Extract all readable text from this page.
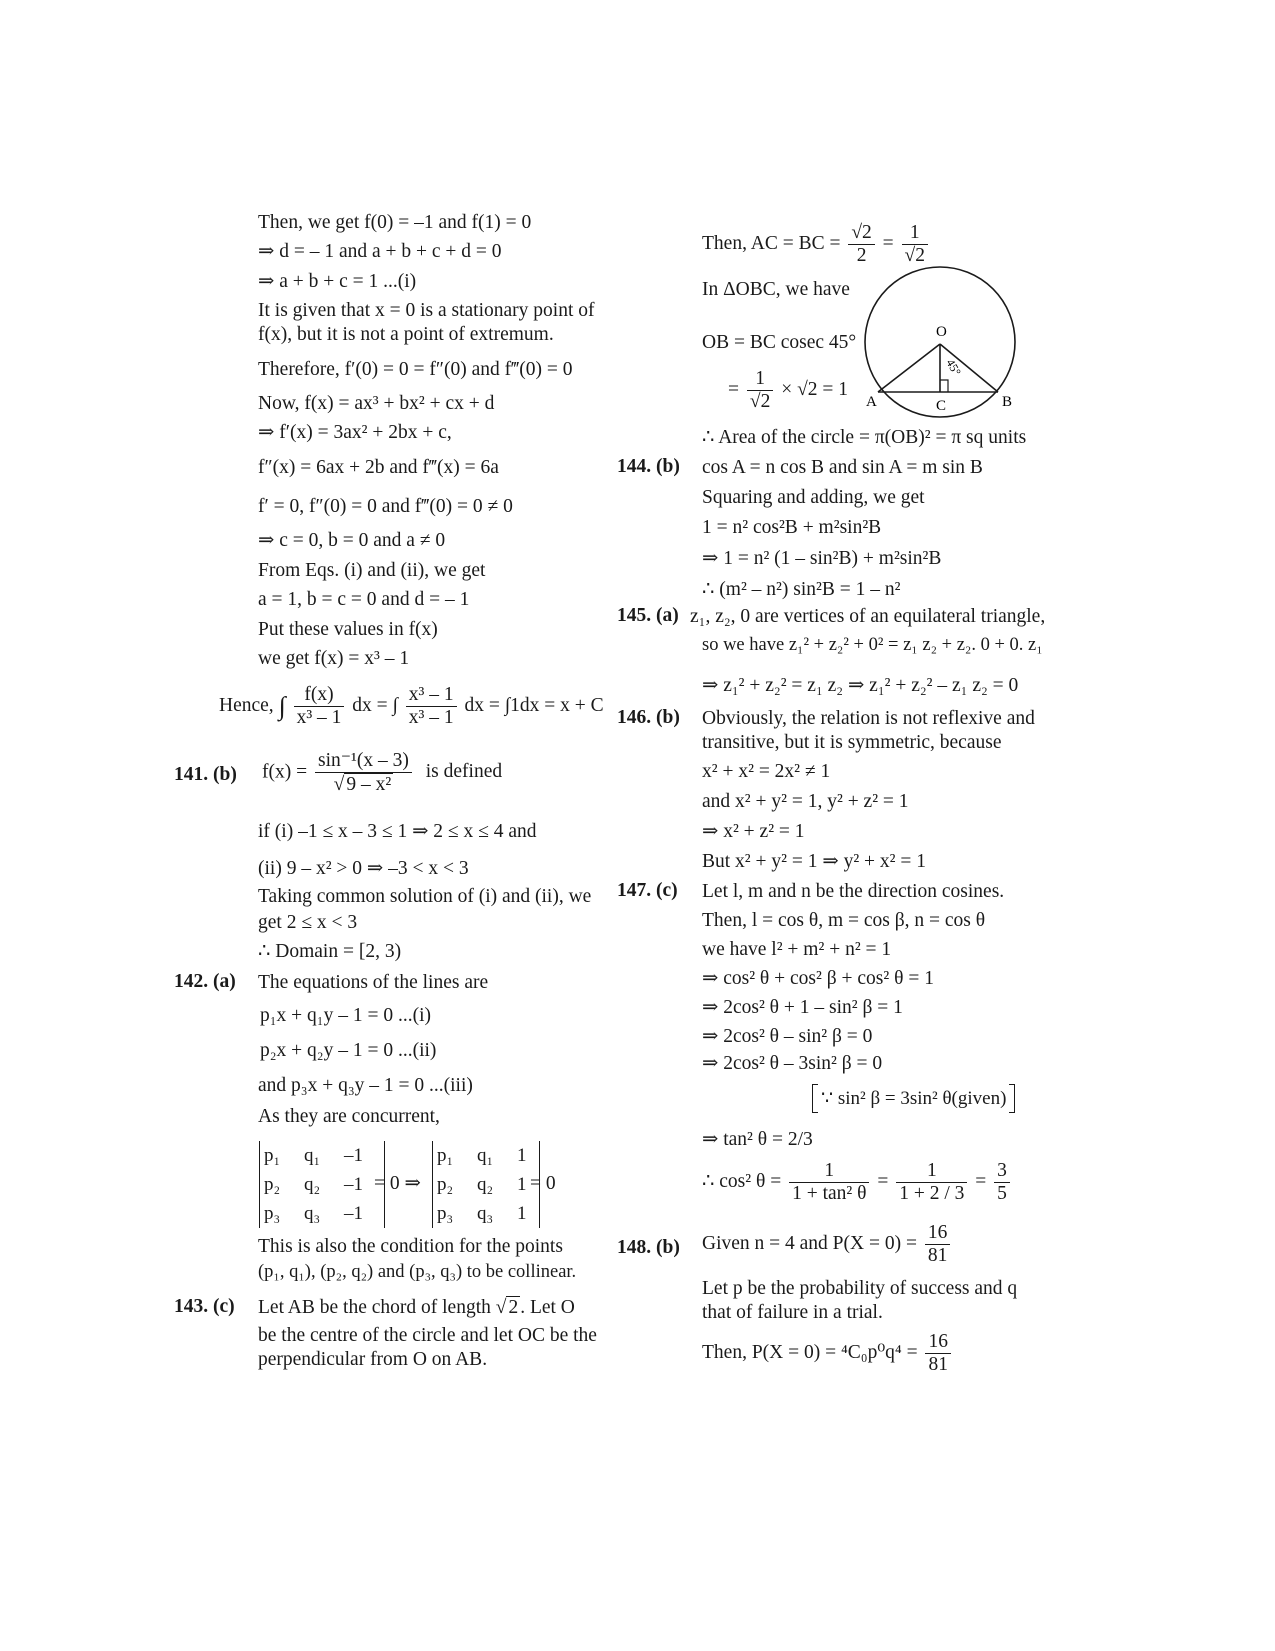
Then, we get f(0) = –1 and f(1) = 0
⇒ d = – 1 and a + b + c + d = 0
⇒ a + b + c = 1 ...(i)
It is given that x = 0 is a stationary point of
f(x), but it is not a point of extremum.
Therefore, f′(0) = 0 = f″(0) and f‴(0) = 0
Now, f(x) = ax³ + bx² + cx + d
⇒ f′(x) = 3ax² + 2bx + c,
f″(x) = 6ax + 2b and f‴(x) = 6a
f′ = 0, f″(0) = 0 and f‴(0) = 0 ≠ 0
⇒ c = 0, b = 0 and a ≠ 0
From Eqs. (i) and (ii), we get
a = 1, b = c = 0 and d = – 1
Put these values in f(x)
we get f(x) = x³ – 1
Hence, ∫ $\frac{f(x)}{\text{x³ – 1}}$ dx = ∫ $\frac{\text{x³ – 1}}{\text{x³ – 1}}$ dx = ∫1dx = x + C
141. (b) $f(x) = \frac{\text{sin⁻¹(x – 3)}}{\text{√ 9 – x²}}$ is defined
if (i) –1 ≤ x – 3 ≤ 1 ⇒ 2 ≤ x ≤ 4 and
(ii) 9 – x² > 0 ⇒ –3 < x < 3
Taking common solution of (i) and (ii), we
get 2 ≤ x < 3
∴ Domain = [2, 3)
142. (a) The equations of the lines are
p₁x + q₁y – 1 = 0 ...(i)
p₂x + q₂y – 1 = 0 ...(ii)
and p₃x + q₃y – 1 = 0 ...(iii)
As they are concurrent,
p₁	q₁	–1
p₂	q₂	–1
p₃	q₃	–1
= 0 ⇒
p₁	q₁	1
p₂	q₂	1
p₃	q₃	1
= 0
This is also the condition for the points
(p₁, q₁), (p₂, q₂) and (p₃, q₃) to be collinear.
143. (c) Let AB be the chord of length √ 2 . Let O
be the centre of the circle and let OC be the
perpendicular from O on AB.
Then, AC = BC = $\frac{√2}{2} = \frac{1}{√2}$
In ΔOBC, we have
OB = BC cosec 45°
= $\frac{1}{√2} \times √2 = 1$
O
A	B
C
45°
∴ Area of the circle = π(OB)² = π sq units
144. (b) cos A = n cos B and sin A = m sin B
Squaring and adding, we get
1 = n² cos²B + m²sin²B
⇒ 1 = n² (1 – sin²B) + m²sin²B
∴ (m² – n²) sin²B = 1 – n²
145. (a) z₁, z₂, 0 are vertices of an equilateral triangle,
so we have z₁² + z₂² + 0² = z₁ z₂ + z₂. 0 + 0. z₁
⇒ z₁² + z₂² = z₁ z₂ ⇒ z₁² + z₂² – z₁ z₂ = 0
146. (b) Obviously, the relation is not reflexive and
transitive, but it is symmetric, because
x² + x² = 2x² ≠ 1
and x² + y² = 1, y² + z² = 1
⇒ x² + z² = 1
But x² + y² = 1 ⇒ y² + x² = 1
147. (c) Let l, m and n be the direction cosines.
Then, l = cos θ, m = cos β, n = cos θ
we have l² + m² + n² = 1
⇒ cos² θ + cos² β + cos² θ = 1
⇒ 2cos² θ + 1 – sin² β = 1
⇒ 2cos² θ – sin² β = 0
⇒ 2cos² θ – 3sin² β = 0
∵ sin² β = 3sin² θ(given)
⇒ tan² θ = 2/3
∴ cos² $\theta = \frac{1}{\text{1 + tan² θ}} = \frac{1}{1 + 2 / 3} = \frac{3}{5}$
148. (b) Given n = 4 and $P(X = 0) = \frac{16}{81}$
Let p be the probability of success and q
that of failure in a trial.
Then, $P(X = 0) = ^4C_0p^0q^4 = \frac{16}{81}$
